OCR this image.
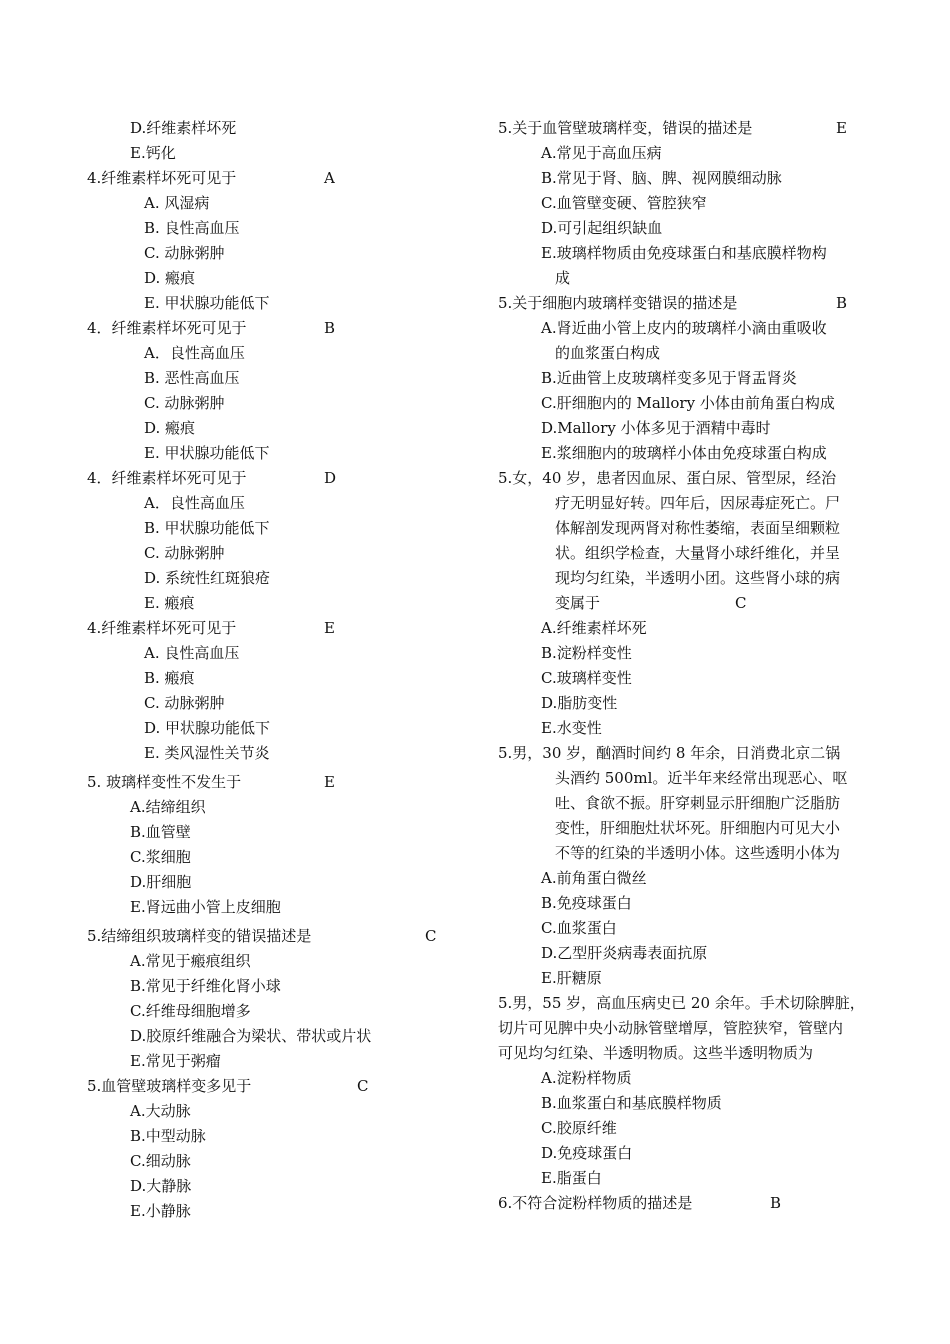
D.纤维素样坏死
E.钙化
4.纤维素样坏死可见于	A
A. 风湿病
B. 良性高血压
C. 动脉粥肿
D. 瘢痕
E. 甲状腺功能低下
4．纤维素样坏死可见于	B
A．良性高血压
B. 恶性高血压
C. 动脉粥肿
D. 瘢痕
E. 甲状腺功能低下
4．纤维素样坏死可见于	D
A．良性高血压
B. 甲状腺功能低下
C. 动脉粥肿
D. 系统性红斑狼疮
E. 瘢痕
4.纤维素样坏死可见于	E
A. 良性高血压
B. 瘢痕
C. 动脉粥肿
D. 甲状腺功能低下
E. 类风湿性关节炎
5. 玻璃样变性不发生于	E
A.结缔组织
B.血管壁
C.浆细胞
D.肝细胞
E.肾远曲小管上皮细胞
5.结缔组织玻璃样变的错误描述是	C
A.常见于瘢痕组织
B.常见于纤维化肾小球
C.纤维母细胞增多
D.胶原纤维融合为梁状、带状或片状
E.常见于粥瘤
5.血管壁玻璃样变多见于	C
A.大动脉
B.中型动脉
C.细动脉
D.大静脉
E.小静脉
5.关于血管壁玻璃样变，错误的描述是	E
A.常见于高血压病
B.常见于肾、脑、脾、视网膜细动脉
C.血管壁变硬、管腔狭窄
D.可引起组织缺血
E.玻璃样物质由免疫球蛋白和基底膜样物构
成
5.关于细胞内玻璃样变错误的描述是	B
A.肾近曲小管上皮内的玻璃样小滴由重吸收
的血浆蛋白构成
B.近曲管上皮玻璃样变多见于肾盂肾炎
C.肝细胞内的 Mallory 小体由前角蛋白构成
D.Mallory 小体多见于酒精中毒时
E.浆细胞内的玻璃样小体由免疫球蛋白构成
5.女，40 岁，患者因血尿、蛋白尿、管型尿，经治
疗无明显好转。四年后，因尿毒症死亡。尸
体解剖发现两肾对称性萎缩，表面呈细颗粒
状。组织学检查，大量肾小球纤维化，并呈
现均匀红染，半透明小团。这些肾小球的病
变属于	C
A.纤维素样坏死
B.淀粉样变性
C.玻璃样变性
D.脂肪变性
E.水变性
5.男，30 岁，酗酒时间约 8 年余，日消费北京二锅
头酒约 500ml。近半年来经常出现恶心、呕
吐、食欲不振。肝穿刺显示肝细胞广泛脂肪
变性，肝细胞灶状坏死。肝细胞内可见大小
不等的红染的半透明小体。这些透明小体为
A.前角蛋白微丝
B.免疫球蛋白
C.血浆蛋白
D.乙型肝炎病毒表面抗原
E.肝糖原
5.男，55 岁，高血压病史已 20 余年。手术切除脾脏，
切片可见脾中央小动脉管壁增厚，管腔狭窄，管壁内
可见均匀红染、半透明物质。这些半透明物质为
A.淀粉样物质
B.血浆蛋白和基底膜样物质
C.胶原纤维
D.免疫球蛋白
E.脂蛋白
6.不符合淀粉样物质的描述是	B
